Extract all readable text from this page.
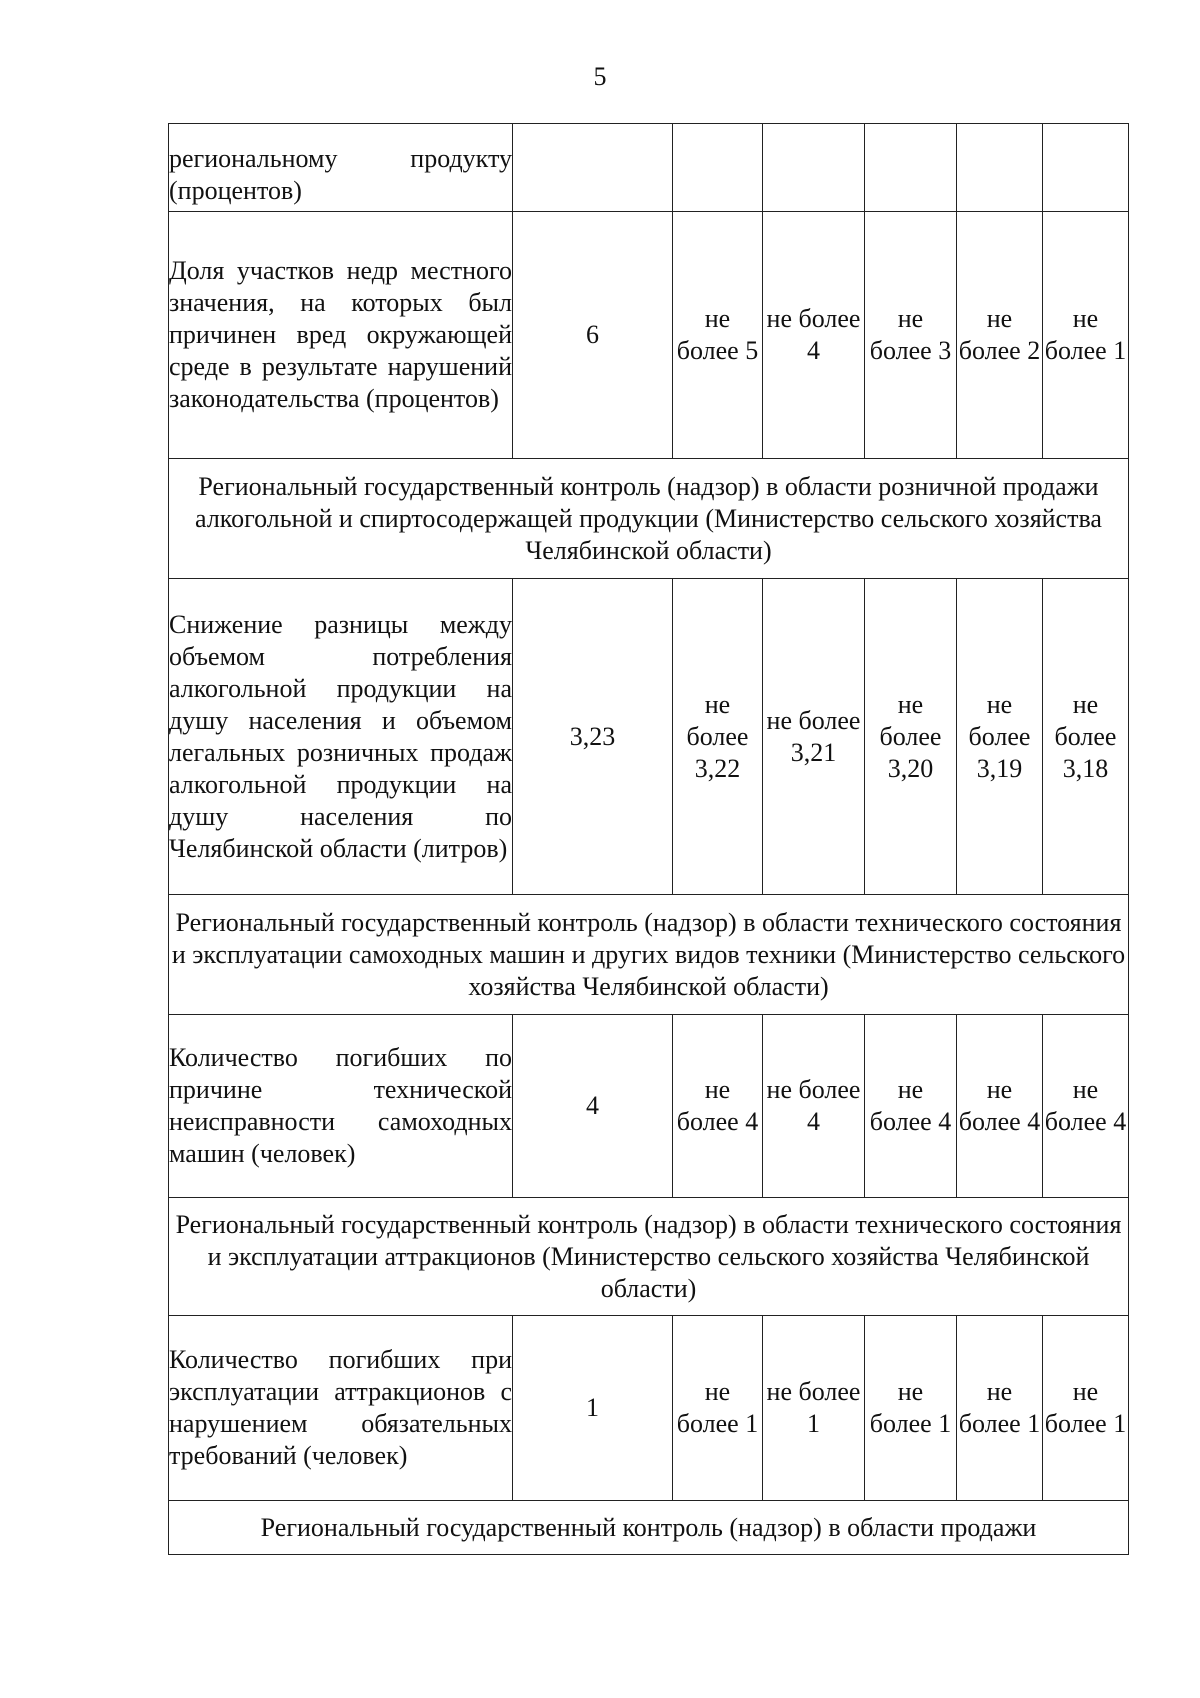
5
региональному продукту (процентов)						
Доля участков недр местного значения, на которых был причинен вред окружающей среде в результате нарушений законодательства (процентов)	6	не более 5	не более 4	не более 3	не более 2	не более 1
Региональный государственный контроль (надзор) в области розничной продажи алкогольной и спиртосодержащей продукции (Министерство сельского хозяйства Челябинской области)						
Снижение разницы между объемом потребления алкогольной продукции на душу населения и объемом легальных розничных продаж алкогольной продукции на душу населения по Челябинской области (литров)	3,23	не более 3,22	не более 3,21	не более 3,20	не более 3,19	не более 3,18
Региональный государственный контроль (надзор) в области технического состояния и эксплуатации самоходных машин и других видов техники (Министерство сельского хозяйства Челябинской области)						
Количество погибших по причине технической неисправности самоходных машин (человек)	4	не более 4	не более 4	не более 4	не более 4	не более 4
Региональный государственный контроль (надзор) в области технического состояния и эксплуатации аттракционов (Министерство сельского хозяйства Челябинской области)						
Количество погибших при эксплуатации аттракционов с нарушением обязательных требований (человек)	1	не более 1	не более 1	не более 1	не более 1	не более 1
Региональный государственный контроль (надзор) в области продажи						
